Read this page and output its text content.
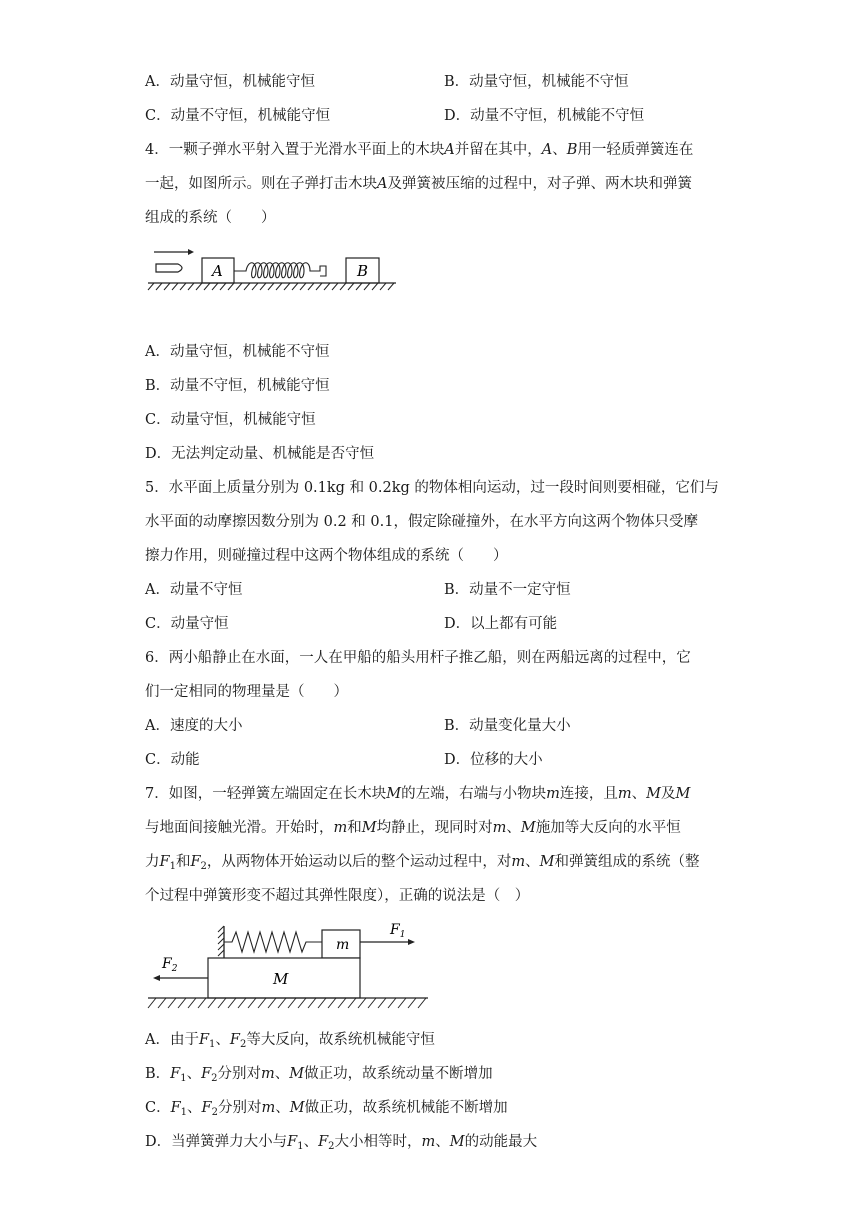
A．动量守恒，机械能守恒	B．动量守恒，机械能不守恒
C．动量不守恒，机械能守恒	D．动量不守恒，机械能不守恒
4．一颗子弹水平射入置于光滑水平面上的木块A并留在其中，A、B用一轻质弹簧连在
一起，如图所示。则在子弹打击木块A及弹簧被压缩的过程中，对子弹、两木块和弹簧
组成的系统（　　）
A	B
A．动量守恒，机械能不守恒
B．动量不守恒，机械能守恒
C．动量守恒，机械能守恒
D．无法判定动量、机械能是否守恒
5．水平面上质量分别为 0.1kg 和 0.2kg 的物体相向运动，过一段时间则要相碰，它们与
水平面的动摩擦因数分别为 0.2 和 0.1，假定除碰撞外，在水平方向这两个物体只受摩
擦力作用，则碰撞过程中这两个物体组成的系统（　　）
A．动量不守恒	B．动量不一定守恒
C．动量守恒	D．以上都有可能
6．两小船静止在水面，一人在甲船的船头用杆子推乙船，则在两船远离的过程中，它
们一定相同的物理量是（　　）
A．速度的大小	B．动量变化量大小
C．动能	D．位移的大小
7．如图，一轻弹簧左端固定在长木块M的左端，右端与小物块m连接，且m、M及M
与地面间接触光滑。开始时，m和M均静止，现同时对m、M施加等大反向的水平恒
力$F_1$和$F_2$，从两物体开始运动以后的整个运动过程中，对m、M和弹簧组成的系统（整
个过程中弹簧形变不超过其弹性限度），正确的说法是（　）
m
$F_1$
M
$F_2$
A．由于$F_1$、$F_2$等大反向，故系统机械能守恒
B．$F_1$、$F_2$分别对m、M做正功，故系统动量不断增加
C．$F_1$、$F_2$分别对m、M做正功，故系统机械能不断增加
D．当弹簧弹力大小与$F_1$、$F_2$大小相等时，m、M的动能最大
